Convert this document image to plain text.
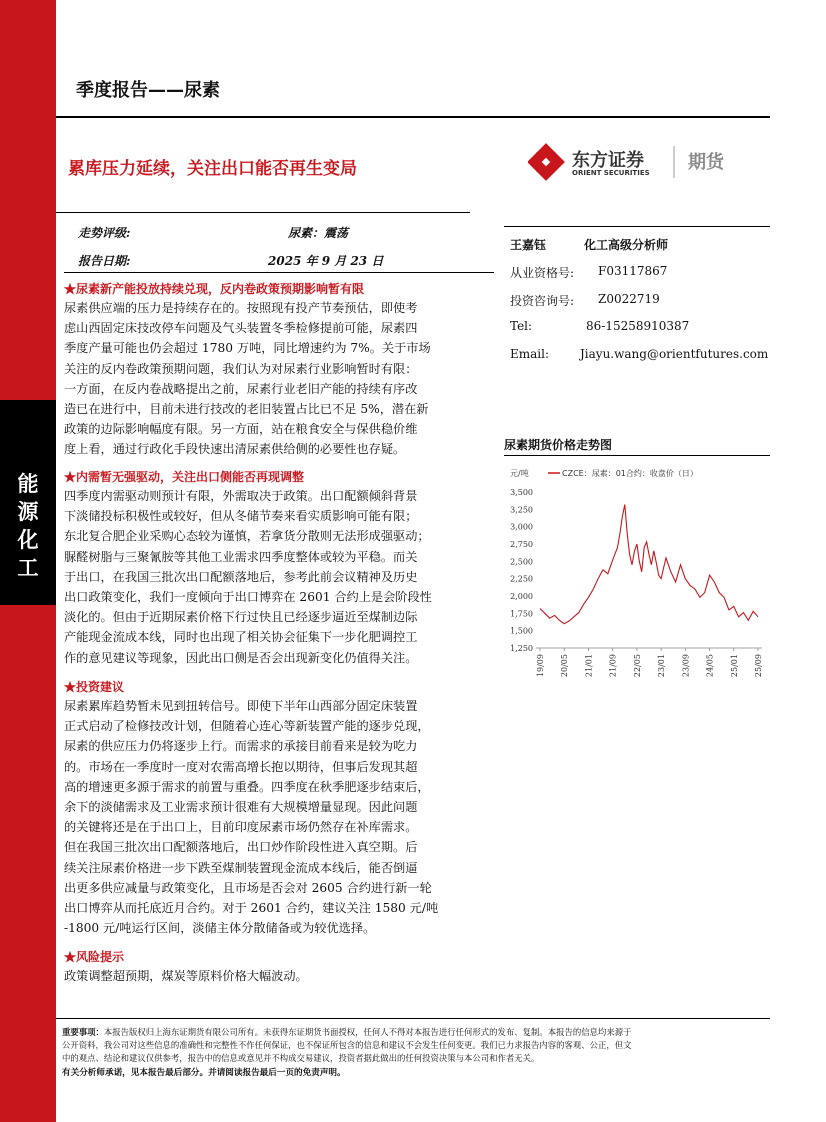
能
源
化
工
季度报告——尿素
累库压力延续，关注出口能否再生变局	东方证券
ORIENT SECURITIES 期货
走势评级:	尿素：震荡
报告日期:	2025 年 9 月 23 日
王嘉钰	化工高级分析师
从业资格号: F03117867
投资咨询号: Z0022719
Tel:	86-15258910387
Email:	Jiayu.wang@orientfutures.com
★尿素新产能投放持续兑现，反内卷政策预期影响暂有限
尿素供应端的压力是持续存在的。按照现有投产节奏预估，即使考
虑山西固定床技改停车问题及气头装置冬季检修提前可能，尿素四
季度产量可能也仍会超过 1780 万吨，同比增速约为 7%。关于市场
关注的反内卷政策预期问题，我们认为对尿素行业影响暂时有限：
一方面，在反内卷战略提出之前，尿素行业老旧产能的持续有序改
造已在进行中，目前未进行技改的老旧装置占比已不足 5%，潜在新
政策的边际影响幅度有限。另一方面，站在粮食安全与保供稳价维
度上看，通过行政化手段快速出清尿素供给侧的必要性也存疑。
★内需暂无强驱动，关注出口侧能否再现调整
四季度内需驱动则预计有限，外需取决于政策。出口配额倾斜背景
下淡储投标积极性或较好，但从冬储节奏来看实质影响可能有限；
东北复合肥企业采购心态较为谨慎，若拿货分散则无法形成强驱动；
脲醛树脂与三聚氰胺等其他工业需求四季度整体或较为平稳。而关
于出口，在我国三批次出口配额落地后，参考此前会议精神及历史
出口政策变化，我们一度倾向于出口博弈在 2601 合约上是会阶段性
淡化的。但由于近期尿素价格下行过快且已经逐步逼近至煤制边际
产能现金流成本线，同时也出现了相关协会征集下一步化肥调控工
作的意见建议等现象，因此出口侧是否会出现新变化仍值得关注。
★投资建议
尿素累库趋势暂未见到扭转信号。即使下半年山西部分固定床装置
正式启动了检修技改计划，但随着心连心等新装置产能的逐步兑现，
尿素的供应压力仍将逐步上行。而需求的承接目前看来是较为吃力
的。市场在一季度时一度对农需高增长抱以期待，但事后发现其超
高的增速更多源于需求的前置与重叠。四季度在秋季肥逐步结束后，
余下的淡储需求及工业需求预计很难有大规模增量显现。因此问题
的关键将还是在于出口上，目前印度尿素市场仍然存在补库需求。
但在我国三批次出口配额落地后，出口炒作阶段性进入真空期。后
续关注尿素价格进一步下跌至煤制装置现金流成本线后，能否倒逼
出更多供应减量与政策变化，且市场是否会对 2605 合约进行新一轮
出口博弈从而托底近月合约。对于 2601 合约，建议关注 1580 元/吨
-1800 元/吨运行区间，淡储主体分散储备或为较优选择。
★风险提示
政策调整超预期，煤炭等原料价格大幅波动。
尿素期货价格走势图
元/吨	CZCE：尿素：01合约：收盘价（日）
1,250
1,500
1,750
2,000
2,250
2,500
2,750
3,000
3,250
3,500
19/09 20/05 21/01 21/09 22/05 23/01 23/09 24/05 25/01 25/09
重要事项：本报告版权归上海东证期货有限公司所有。未获得东证期货书面授权，任何人不得对本报告进行任何形式的发布、复制。本报告的信息均来源于
公开资料，我公司对这些信息的准确性和完整性不作任何保证，也不保证所包含的信息和建议不会发生任何变更。我们已力求报告内容的客观、公正，但文
中的观点、结论和建议仅供参考，报告中的信息或意见并不构成交易建议，投资者据此做出的任何投资决策与本公司和作者无关。
有关分析师承诺，见本报告最后部分。并请阅读报告最后一页的免责声明。
